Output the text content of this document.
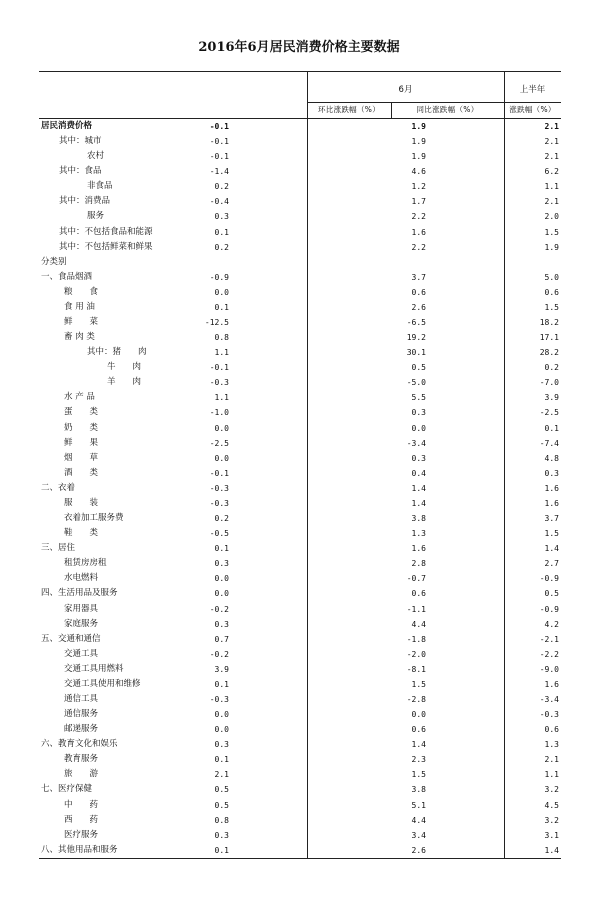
2016年6月居民消费价格主要数据
6月	上半年
环比涨跌幅（%）	同比涨跌幅（%）	涨跌幅（%）
居民消费价格	-0.1	1.9	2.1
其中：城市	-0.1	1.9	2.1
农村	-0.1	1.9	2.1
其中：食品	-1.4	4.6	6.2
非食品	0.2	1.2	1.1
其中：消费品	-0.4	1.7	2.1
服务	0.3	2.2	2.0
其中：不包括食品和能源	0.1	1.6	1.5
其中：不包括鲜菜和鲜果	0.2	2.2	1.9
分类别
一、食品烟酒	-0.9	3.7	5.0
粮　　食	0.0	0.6	0.6
食 用 油	0.1	2.6	1.5
鲜　　菜	-12.5	-6.5	18.2
畜 肉 类	0.8	19.2	17.1
其中：猪　　肉	1.1	30.1	28.2
牛　　肉	-0.1	0.5	0.2
羊　　肉	-0.3	-5.0	-7.0
水 产 品	1.1	5.5	3.9
蛋　　类	-1.0	0.3	-2.5
奶　　类	0.0	0.0	0.1
鲜　　果	-2.5	-3.4	-7.4
烟　　草	0.0	0.3	4.8
酒　　类	-0.1	0.4	0.3
二、衣着	-0.3	1.4	1.6
服　　装	-0.3	1.4	1.6
衣着加工服务费	0.2	3.8	3.7
鞋　　类	-0.5	1.3	1.5
三、居住	0.1	1.6	1.4
租赁房房租	0.3	2.8	2.7
水电燃料	0.0	-0.7	-0.9
四、生活用品及服务	0.0	0.6	0.5
家用器具	-0.2	-1.1	-0.9
家庭服务	0.3	4.4	4.2
五、交通和通信	0.7	-1.8	-2.1
交通工具	-0.2	-2.0	-2.2
交通工具用燃料	3.9	-8.1	-9.0
交通工具使用和维修	0.1	1.5	1.6
通信工具	-0.3	-2.8	-3.4
通信服务	0.0	0.0	-0.3
邮递服务	0.0	0.6	0.6
六、教育文化和娱乐	0.3	1.4	1.3
教育服务	0.1	2.3	2.1
旅　　游	2.1	1.5	1.1
七、医疗保健	0.5	3.8	3.2
中　　药	0.5	5.1	4.5
西　　药	0.8	4.4	3.2
医疗服务	0.3	3.4	3.1
八、其他用品和服务	0.1	2.6	1.4
